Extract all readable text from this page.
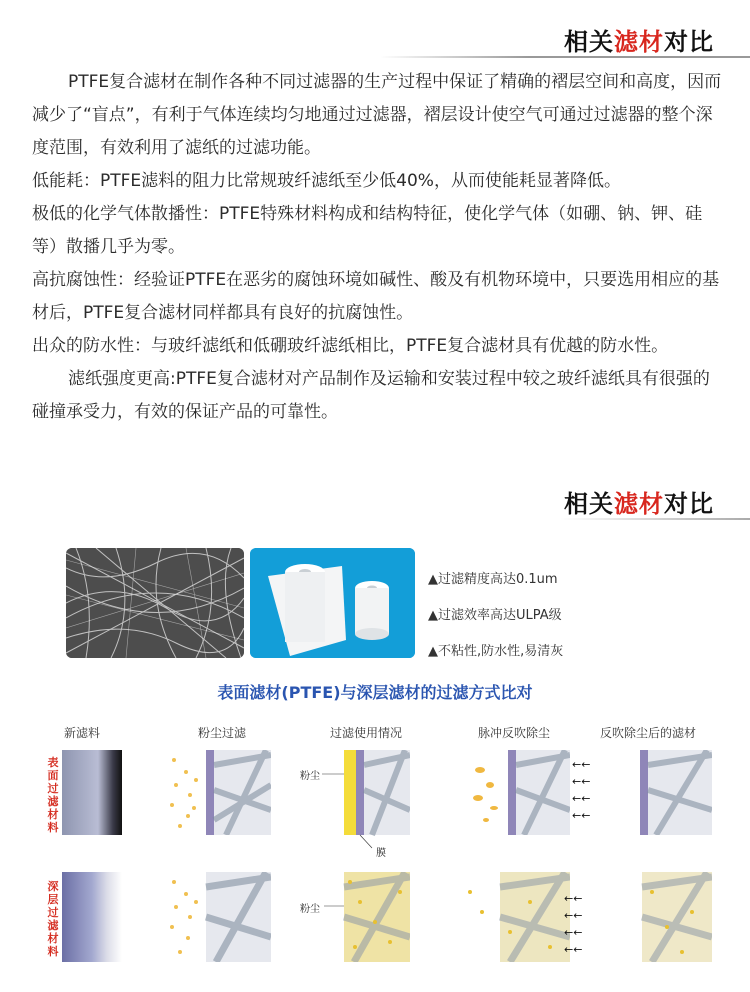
相关滤材对比

PTFE复合滤材在制作各种不同过滤器的生产过程中保证了精确的褶层空间和高度，因而减少了“盲点”，有利于气体连续均匀地通过过滤器，褶层设计使空气可通过过滤器的整个深度范围，有效利用了滤纸的过滤功能。

低能耗：PTFE滤料的阻力比常规玻纤滤纸至少低40%，从而使能耗显著降低。

极低的化学气体散播性：PTFE特殊材料构成和结构特征，使化学气体（如硼、钠、钾、硅等）散播几乎为零。

高抗腐蚀性：经验证PTFE在恶劣的腐蚀环境如碱性、酸及有机物环境中，只要选用相应的基材后，PTFE复合滤材同样都具有良好的抗腐蚀性。

出众的防水性：与玻纤滤纸和低硼玻纤滤纸相比，PTFE复合滤材具有优越的防水性。

滤纸强度更高:PTFE复合滤材对产品制作及运输和安装过程中较之玻纤滤纸具有很强的碰撞承受力，有效的保证产品的可靠性。

相关滤材对比
▲过滤精度高达0.1um
▲过滤效率高达ULPA级
▲不粘性,防水性,易清灰
表面滤材(PTFE)与深层滤材的过滤方式比对
新滤料	粉尘过滤	过滤使用情况	脉冲反吹除尘	反吹除尘后的滤材
表面过滤材料
深层过滤材料
粉尘
膜
←←
←←
←←
←←
粉尘
←←
←←
←←
←←
